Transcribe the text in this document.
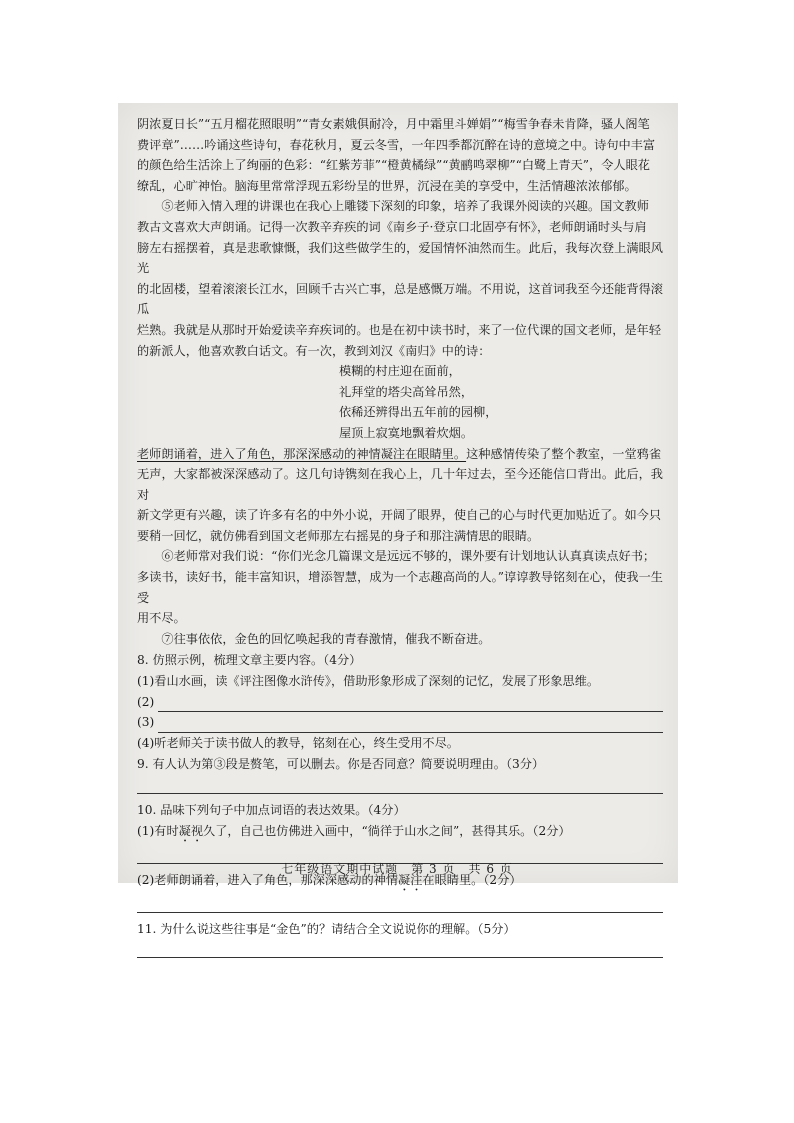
阴浓夏日长”“五月榴花照眼明”“青女素娥俱耐冷，月中霜里斗婵娟”“梅雪争春未肯降，骚人阁笔

费评章”……吟诵这些诗句，春花秋月，夏云冬雪，一年四季都沉醉在诗的意境之中。诗句中丰富

的颜色给生活涂上了绚丽的色彩：“红紫芳菲”“橙黄橘绿”“黄鹂鸣翠柳”“白鹭上青天”，令人眼花

缭乱，心旷神怡。脑海里常常浮现五彩纷呈的世界，沉浸在美的享受中，生活情趣浓浓郁郁。

⑤老师入情入理的讲课也在我心上雕镂下深刻的印象，培养了我课外阅读的兴趣。国文教师

教古文喜欢大声朗诵。记得一次教辛弃疾的词《南乡子·登京口北固亭有怀》，老师朗诵时头与肩

膀左右摇摆着，真是悲歌慷慨，我们这些做学生的，爱国情怀油然而生。此后，我每次登上满眼风光

的北固楼，望着滚滚长江水，回顾千古兴亡事，总是感慨万端。不用说，这首词我至今还能背得滚瓜

烂熟。我就是从那时开始爱读辛弃疾词的。也是在初中读书时，来了一位代课的国文老师，是年轻

的新派人，他喜欢教白话文。有一次，教到刘汉《南归》中的诗：

模糊的村庄迎在面前，

礼拜堂的塔尖高耸吊然，

依稀还辨得出五年前的园柳，

屋顶上寂寞地飘着炊烟。

老师朗诵着，进入了角色，那深深感动的神情凝注在眼睛里。这种感情传染了整个教室，一堂鸦雀

无声，大家都被深深感动了。这几句诗镌刻在我心上，几十年过去，至今还能信口背出。此后，我对

新文学更有兴趣，读了许多有名的中外小说，开阔了眼界，使自己的心与时代更加贴近了。如今只

要稍一回忆，就仿佛看到国文老师那左右摇晃的身子和那注满情思的眼睛。

⑥老师常对我们说：“你们光念几篇课文是远远不够的，课外要有计划地认认真真读点好书；

多读书，读好书，能丰富知识，增添智慧，成为一个志趣高尚的人。”谆谆教导铭刻在心，使我一生受

用不尽。

⑦往事依依，金色的回忆唤起我的青春激情，催我不断奋进。

8. 仿照示例，梳理文章主要内容。（4分）

(1)看山水画，读《评注图像水浒传》，借助形象形成了深刻的记忆，发展了形象思维。

(2)
(3)

(4)听老师关于读书做人的教导，铭刻在心，终生受用不尽。

9. 有人认为第③段是赘笔，可以删去。你是否同意？简要说明理由。（3分）

10. 品味下列句子中加点词语的表达效果。（4分）

(1)有时凝视久了，自己也仿佛进入画中，“徜徉于山水之间”，甚得其乐。（2分）

(2)老师朗诵着，进入了角色，那深深感动的神情凝注在眼睛里。（2分）

11. 为什么说这些往事是“金色”的？请结合全文说说你的理解。（5分）

七年级语文期中试题　第 3 页　共 6 页
